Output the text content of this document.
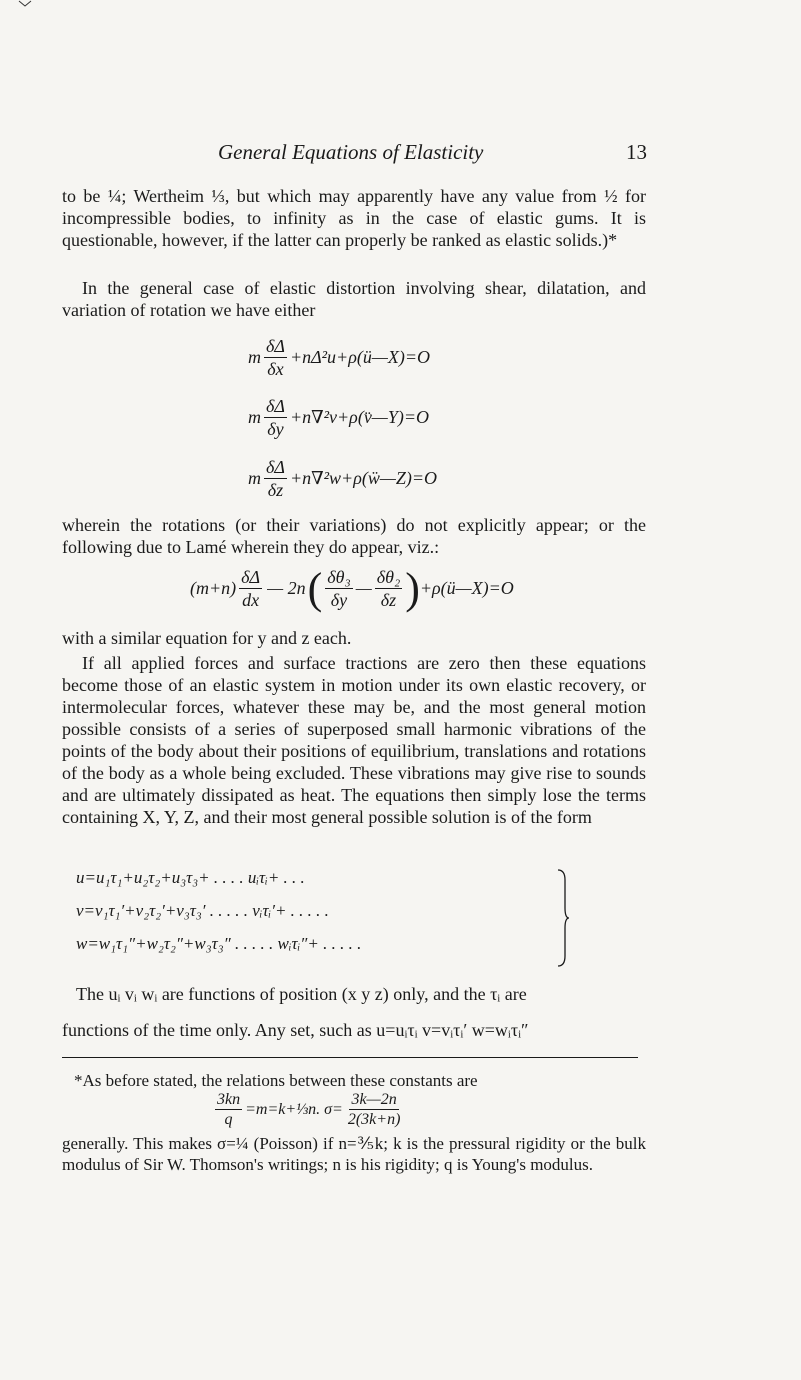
General Equations of Elasticity	13
to be ¼; Wertheim ⅓, but which may apparently have any value from ½ for incompressible bodies, to infinity as in the case of elastic gums. It is questionable, however, if the latter can properly be ranked as elastic solids.)*
In the general case of elastic distortion involving shear, dilatation, and variation of rotation we have either
m $\frac{\delta\Delta}{\delta x}$ +nΔ²u+ρ(ü—X)=O
m $\frac{\delta\Delta}{\delta y}$ +n∇²v+ρ(v̈—Y)=O
m $\frac{\delta\Delta}{\delta z}$ +n∇²w+ρ(ẅ—Z)=O
wherein the rotations (or their variations) do not explicitly appear; or the following due to Lamé wherein they do appear, viz.:
$(m+n) \frac{\delta\Delta}{dx}$ — 2n ( $\frac{\text{δθ₃}}{\delta y}$ — $\frac{\text{δθ₂}}{\delta z}$ ) +ρ(ü—X)=O
with a similar equation for y and z each.
If all applied forces and surface tractions are zero then these equations become those of an elastic system in motion under its own elastic recovery, or intermolecular forces, whatever these may be, and the most general motion possible consists of a series of superposed small harmonic vibrations of the points of the body about their positions of equilibrium, translations and rotations of the body as a whole being excluded. These vibrations may give rise to sounds and are ultimately dissipated as heat. The equations then simply lose the terms containing X, Y, Z, and their most general possible solution is of the form
u=u₁τ₁+u₂τ₂+u₃τ₃+ . . . . uᵢτᵢ+ . . .
v=v₁τ₁′+v₂τ₂′+v₃τ₃′ . . . . . vᵢτᵢ′+ . . . . .
w=w₁τ₁″+w₂τ₂″+w₃τ₃″ . . . . . wᵢτᵢ″+ . . . . .
The uᵢ vᵢ wᵢ are functions of position (x y z) only, and the τᵢ are
functions of the time only. Any set, such as u=uᵢτᵢ v=vᵢτᵢ′ w=wᵢτᵢ″
*As before stated, the relations between these constants are
$\frac{3kn}{q}$ =m=k+⅓n. $\sigma= \frac{3k—2n}{2(3k+n)}$
generally. This makes σ=¼ (Poisson) if n=⅗k; k is the pressural rigidity or the bulk modulus of Sir W. Thomson's writings; n is his rigidity; q is Young's modulus.
